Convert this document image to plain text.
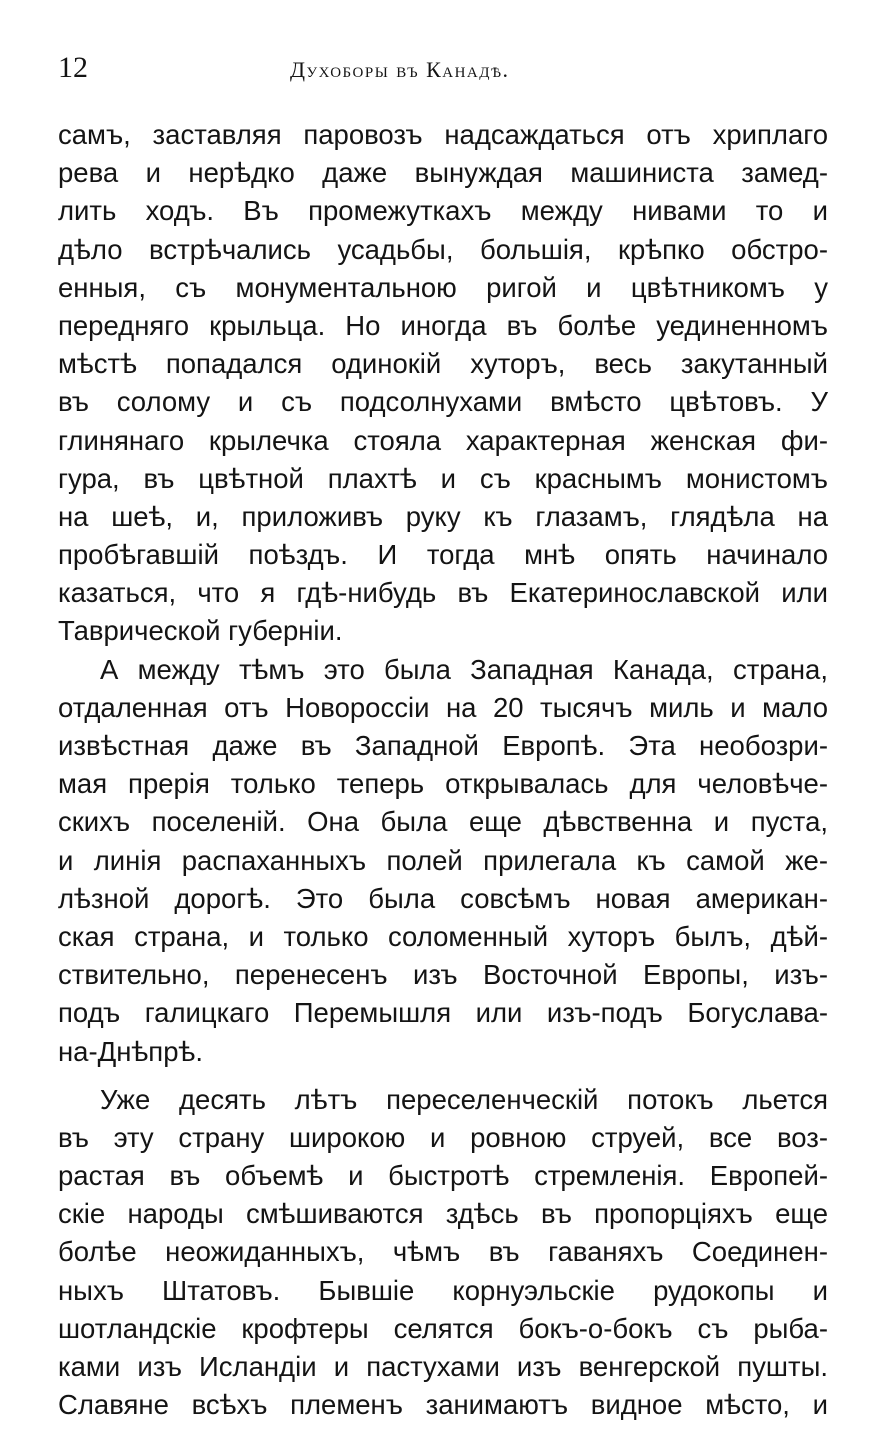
12	Духоборы въ Канадѣ.
самъ, заставляя паровозъ надсаждаться отъ хриплаго
рева и нерѣдко даже вынуждая машиниста замед-
лить ходъ. Въ промежуткахъ между нивами то и
дѣло встрѣчались усадьбы, большія, крѣпко обстро-
енныя, съ монументальною ригой и цвѣтникомъ у
передняго крыльца. Но иногда въ болѣе уединенномъ
мѣстѣ попадался одинокій хуторъ, весь закутанный
въ солому и съ подсолнухами вмѣсто цвѣтовъ. У
глинянаго крылечка стояла характерная женская фи-
гура, въ цвѣтной плахтѣ и съ краснымъ монистомъ
на шеѣ, и, приложивъ руку къ глазамъ, глядѣла на
пробѣгавшій поѣздъ. И тогда мнѣ опять начинало
казаться, что я гдѣ-нибудь въ Екатеринославской или
Таврической губерніи.
А между тѣмъ это была Западная Канада, страна,
отдаленная отъ Новороссіи на 20 тысячъ миль и мало
извѣстная даже въ Западной Европѣ. Эта необозри-
мая прерія только теперь открывалась для человѣче-
скихъ поселеній. Она была еще дѣвственна и пуста,
и линія распаханныхъ полей прилегала къ самой же-
лѣзной дорогѣ. Это была совсѣмъ новая американ-
ская страна, и только соломенный хуторъ былъ, дѣй-
ствительно, перенесенъ изъ Восточной Европы, изъ-
подъ галицкаго Перемышля или изъ-подъ Богуслава-
на-Днѣпрѣ.
Уже десять лѣтъ переселенческій потокъ льется
въ эту страну широкою и ровною струей, все воз-
растая въ объемѣ и быстротѣ стремленія. Европей-
скіе народы смѣшиваются здѣсь въ пропорціяхъ еще
болѣе неожиданныхъ, чѣмъ въ гаваняхъ Соединен-
ныхъ Штатовъ. Бывшіе корнуэльскіе рудокопы и
шотландскіе крофтеры селятся бокъ-о-бокъ съ рыба-
ками изъ Исландіи и пастухами изъ венгерской пушты.
Славяне всѣхъ племенъ занимаютъ видное мѣсто, и
